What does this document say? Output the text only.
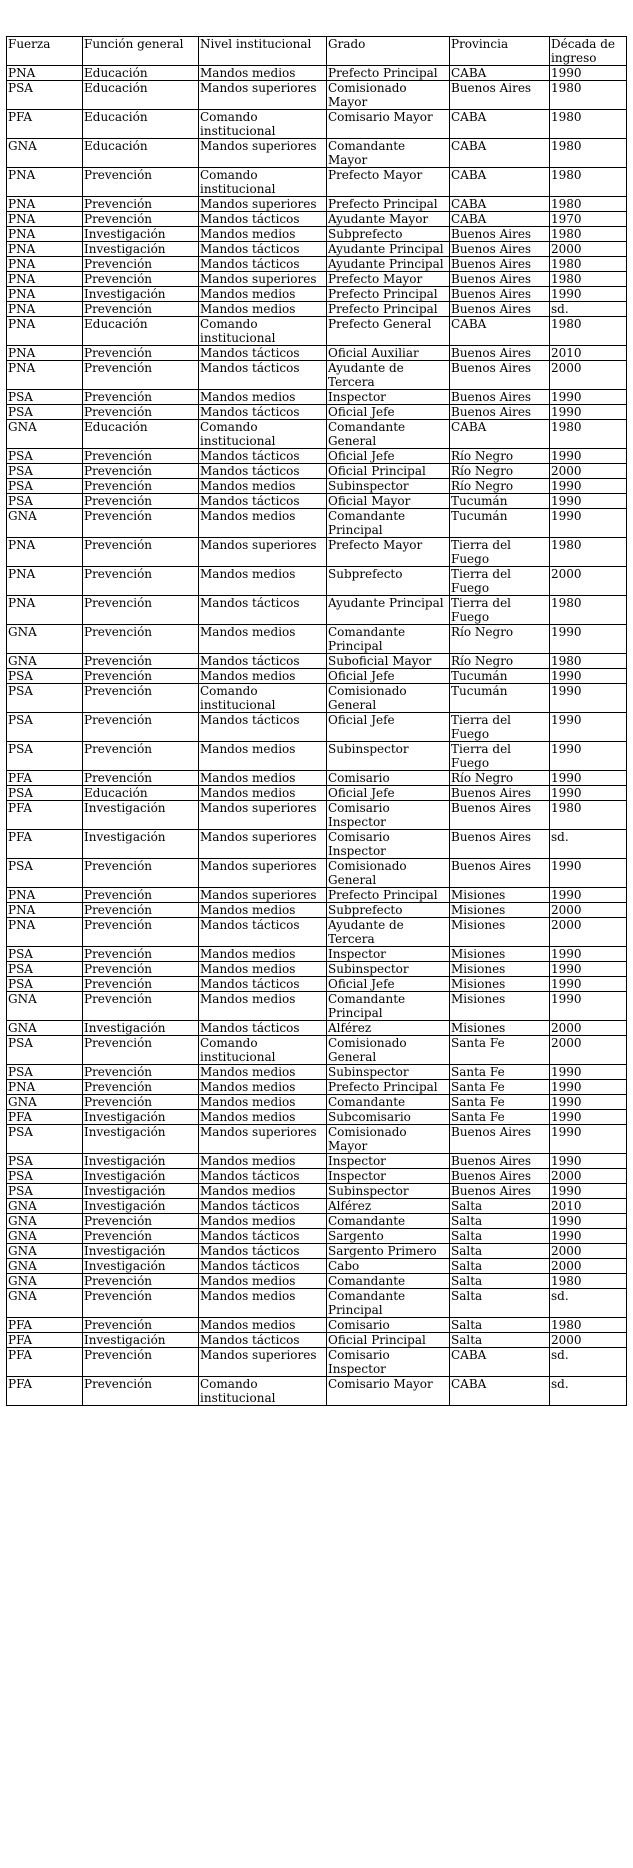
Fuerza	Función general	Nivel institucional	Grado	Provincia	Década de ingreso
PNA	Educación	Mandos medios	Prefecto Principal	CABA	1990
PSA	Educación	Mandos superiores	Comisionado Mayor	Buenos Aires	1980
PFA	Educación	Comando institucional	Comisario Mayor	CABA	1980
GNA	Educación	Mandos superiores	Comandante Mayor	CABA	1980
PNA	Prevención	Comando institucional	Prefecto Mayor	CABA	1980
PNA	Prevención	Mandos superiores	Prefecto Principal	CABA	1980
PNA	Prevención	Mandos tácticos	Ayudante Mayor	CABA	1970
PNA	Investigación	Mandos medios	Subprefecto	Buenos Aires	1980
PNA	Investigación	Mandos tácticos	Ayudante Principal	Buenos Aires	2000
PNA	Prevención	Mandos tácticos	Ayudante Principal	Buenos Aires	1980
PNA	Prevención	Mandos superiores	Prefecto Mayor	Buenos Aires	1980
PNA	Investigación	Mandos medios	Prefecto Principal	Buenos Aires	1990
PNA	Prevención	Mandos medios	Prefecto Principal	Buenos Aires	sd.
PNA	Educación	Comando institucional	Prefecto General	CABA	1980
PNA	Prevención	Mandos tácticos	Oficial Auxiliar	Buenos Aires	2010
PNA	Prevención	Mandos tácticos	Ayudante de Tercera	Buenos Aires	2000
PSA	Prevención	Mandos medios	Inspector	Buenos Aires	1990
PSA	Prevención	Mandos tácticos	Oficial Jefe	Buenos Aires	1990
GNA	Educación	Comando institucional	Comandante General	CABA	1980
PSA	Prevención	Mandos tácticos	Oficial Jefe	Río Negro	1990
PSA	Prevención	Mandos tácticos	Oficial Principal	Río Negro	2000
PSA	Prevención	Mandos medios	Subinspector	Río Negro	1990
PSA	Prevención	Mandos tácticos	Oficial Mayor	Tucumán	1990
GNA	Prevención	Mandos medios	Comandante Principal	Tucumán	1990
PNA	Prevención	Mandos superiores	Prefecto Mayor	Tierra del Fuego	1980
PNA	Prevención	Mandos medios	Subprefecto	Tierra del Fuego	2000
PNA	Prevención	Mandos tácticos	Ayudante Principal	Tierra del Fuego	1980
GNA	Prevención	Mandos medios	Comandante Principal	Río Negro	1990
GNA	Prevención	Mandos tácticos	Suboficial Mayor	Río Negro	1980
PSA	Prevención	Mandos medios	Oficial Jefe	Tucumán	1990
PSA	Prevención	Comando institucional	Comisionado General	Tucumán	1990
PSA	Prevención	Mandos tácticos	Oficial Jefe	Tierra del Fuego	1990
PSA	Prevención	Mandos medios	Subinspector	Tierra del Fuego	1990
PFA	Prevención	Mandos medios	Comisario	Río Negro	1990
PSA	Educación	Mandos medios	Oficial Jefe	Buenos Aires	1990
PFA	Investigación	Mandos superiores	Comisario Inspector	Buenos Aires	1980
PFA	Investigación	Mandos superiores	Comisario Inspector	Buenos Aires	sd.
PSA	Prevención	Mandos superiores	Comisionado General	Buenos Aires	1990
PNA	Prevención	Mandos superiores	Prefecto Principal	Misiones	1990
PNA	Prevención	Mandos medios	Subprefecto	Misiones	2000
PNA	Prevención	Mandos tácticos	Ayudante de Tercera	Misiones	2000
PSA	Prevención	Mandos medios	Inspector	Misiones	1990
PSA	Prevención	Mandos medios	Subinspector	Misiones	1990
PSA	Prevención	Mandos tácticos	Oficial Jefe	Misiones	1990
GNA	Prevención	Mandos medios	Comandante Principal	Misiones	1990
GNA	Investigación	Mandos tácticos	Alférez	Misiones	2000
PSA	Prevención	Comando institucional	Comisionado General	Santa Fe	2000
PSA	Prevención	Mandos medios	Subinspector	Santa Fe	1990
PNA	Prevención	Mandos medios	Prefecto Principal	Santa Fe	1990
GNA	Prevención	Mandos medios	Comandante	Santa Fe	1990
PFA	Investigación	Mandos medios	Subcomisario	Santa Fe	1990
PSA	Investigación	Mandos superiores	Comisionado Mayor	Buenos Aires	1990
PSA	Investigación	Mandos medios	Inspector	Buenos Aires	1990
PSA	Investigación	Mandos tácticos	Inspector	Buenos Aires	2000
PSA	Investigación	Mandos medios	Subinspector	Buenos Aires	1990
GNA	Investigación	Mandos tácticos	Alférez	Salta	2010
GNA	Prevención	Mandos medios	Comandante	Salta	1990
GNA	Prevención	Mandos tácticos	Sargento	Salta	1990
GNA	Investigación	Mandos tácticos	Sargento Primero	Salta	2000
GNA	Investigación	Mandos tácticos	Cabo	Salta	2000
GNA	Prevención	Mandos medios	Comandante	Salta	1980
GNA	Prevención	Mandos medios	Comandante Principal	Salta	sd.
PFA	Prevención	Mandos medios	Comisario	Salta	1980
PFA	Investigación	Mandos tácticos	Oficial Principal	Salta	2000
PFA	Prevención	Mandos superiores	Comisario Inspector	CABA	sd.
PFA	Prevención	Comando institucional	Comisario Mayor	CABA	sd.
